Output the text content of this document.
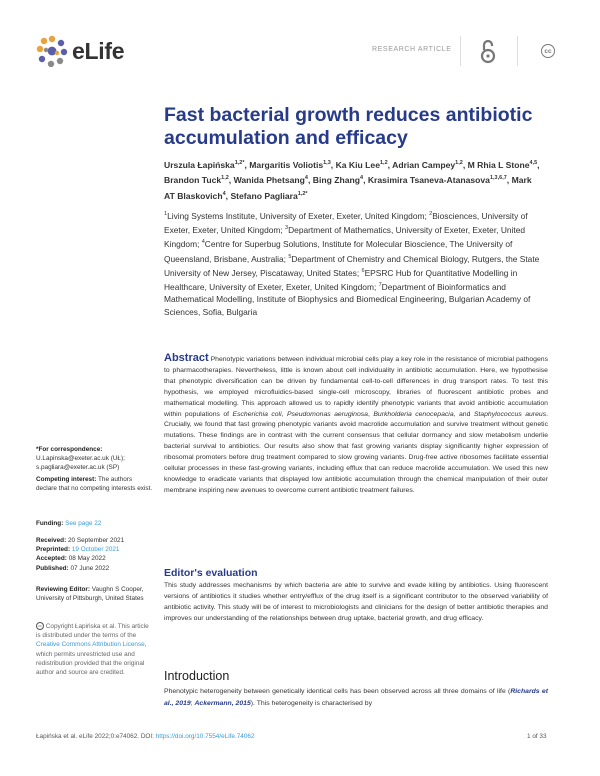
eLife	RESEARCH ARTICLE	cc
Fast bacterial growth reduces antibiotic accumulation and efficacy
Urszula Łapińska$^{1,2*}$, Margaritis Voliotis$^{1,3}$, Ka Kiu Lee$^{1,2}$, Adrian Campey$^{1,2}$, M Rhia L Stone$^{4,5}$, Brandon Tuck$^{1,2}$, Wanida Phetsang$^4$, Bing Zhang$^4$, Krasimira Tsaneva-Atanasova$^{1,3,6,7}$, Mark AT Blaskovich$^4$, Stefano Pagliara$^{1,2*}$
$^1$Living Systems Institute, University of Exeter, Exeter, United Kingdom; $^2$Biosciences, University of Exeter, Exeter, United Kingdom; $^3$Department of Mathematics, University of Exeter, Exeter, United Kingdom; $^4$Centre for Superbug Solutions, Institute for Molecular Bioscience, The University of Queensland, Brisbane, Australia; $^5$Department of Chemistry and Chemical Biology, Rutgers, the State University of New Jersey, Piscataway, United States; $^6$EPSRC Hub for Quantitative Modelling in Healthcare, University of Exeter, Exeter, United Kingdom; $^7$Department of Bioinformatics and Mathematical Modelling, Institute of Biophysics and Biomedical Engineering, Bulgarian Academy of Sciences, Sofia, Bulgaria
*For correspondence:
U.Lapinska@exeter.ac.uk (UŁ); s.pagliara@exeter.ac.uk (SP)
Competing interest: The authors declare that no competing interests exist.
Funding: See page 22
Received: 20 September 2021
Preprinted: 19 October 2021
Accepted: 08 May 2022
Published: 07 June 2022
Reviewing Editor: Vaughn S Cooper, University of Pittsburgh, United States
cc Copyright Łapińska et al. This article is distributed under the terms of the Creative Commons Attribution License, which permits unrestricted use and redistribution provided that the original author and source are credited.
Abstract Phenotypic variations between individual microbial cells play a key role in the resistance of microbial pathogens to pharmacotherapies. Nevertheless, little is known about cell individuality in antibiotic accumulation. Here, we hypothesise that phenotypic diversification can be driven by fundamental cell-to-cell differences in drug transport rates. To test this hypothesis, we employed microfluidics-based single-cell microscopy, libraries of fluorescent antibiotic probes and mathematical modelling. This approach allowed us to rapidly identify phenotypic variants that avoid antibiotic accumulation within populations of Escherichia coli, Pseudomonas aeruginosa, Burkholderia cenocepacia, and Staphylococcus aureus. Crucially, we found that fast growing phenotypic variants avoid macrolide accumulation and survive treatment without genetic mutations. These findings are in contrast with the current consensus that cellular dormancy and slow metabolism underlie bacterial survival to antibiotics. Our results also show that fast growing variants display significantly higher expression of ribosomal promoters before drug treatment compared to slow growing variants. Drug-free active ribosomes facilitate essential cellular processes in these fast-growing variants, including efflux that can reduce macrolide accumulation. We used this new knowledge to eradicate variants that displayed low antibiotic accumulation through the chemical manipulation of their outer membrane inspiring new avenues to overcome current antibiotic treatment failures.
Editor's evaluation
This study addresses mechanisms by which bacteria are able to survive and evade killing by antibiotics. Using fluorescent versions of antibiotics it studies whether entry/efflux of the drug itself is a significant contributor to the observed variability of antibiotic activity. This study will be of interest to microbiologists and clinicians for the design of better antibiotic therapies and improves our understanding of the relationships between drug uptake, bacterial growth, and drug efficacy.
Introduction
Phenotypic heterogeneity between genetically identical cells has been observed across all three domains of life (Richards et al., 2019; Ackermann, 2015). This heterogeneity is characterised by
Łapińska et al. eLife 2022;0:e74062. DOI: https://doi.org/10.7554/eLife.74062	1 of 33
